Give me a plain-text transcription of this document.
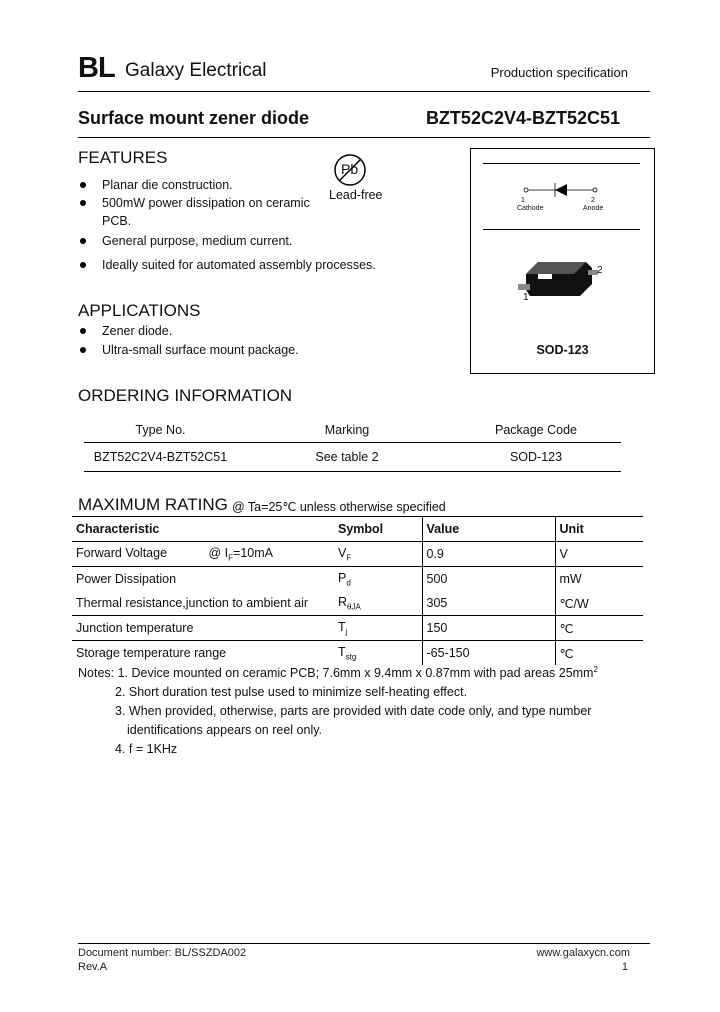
BL Galaxy Electrical	Production specification
Surface mount zener diode	BZT52C2V4-BZT52C51
FEATURES
Pb
Lead-free
Planar die construction.
500mW power dissipation on ceramic
PCB.
General purpose, medium current.
Ideally suited for automated assembly processes.
1	2
Cathode	Anode
1
2
SOD-123
APPLICATIONS
Zener diode.
Ultra-small surface mount package.
ORDERING INFORMATION
Type No.	Marking	Package Code
BZT52C2V4-BZT52C51	See table 2	SOD-123
MAXIMUM RATING @ Ta=25℃ unless otherwise specified
Characteristic	Symbol	Value	Unit
Forward Voltage @ $I_F=10mA$	$V_F$	0.9	V
Power Dissipation	$P_d$	500	mW
Thermal resistance,junction to ambient air	$R_{\theta JA}$	305	℃/W
Junction temperature	$T_j$	150	℃
Storage temperature range	$T_{stg}$	-65-150	℃
Notes: 1. Device mounted on ceramic PCB; 7.6mm x 9.4mm x 0.87mm with pad areas $25mm^2$
2. Short duration test pulse used to minimize self-heating effect.
3. When provided, otherwise, parts are provided with date code only, and type number
identifications appears on reel only.
4. f = 1KHz
Document number: BL/SSZDA002
Rev.A
www.galaxycn.com
1
